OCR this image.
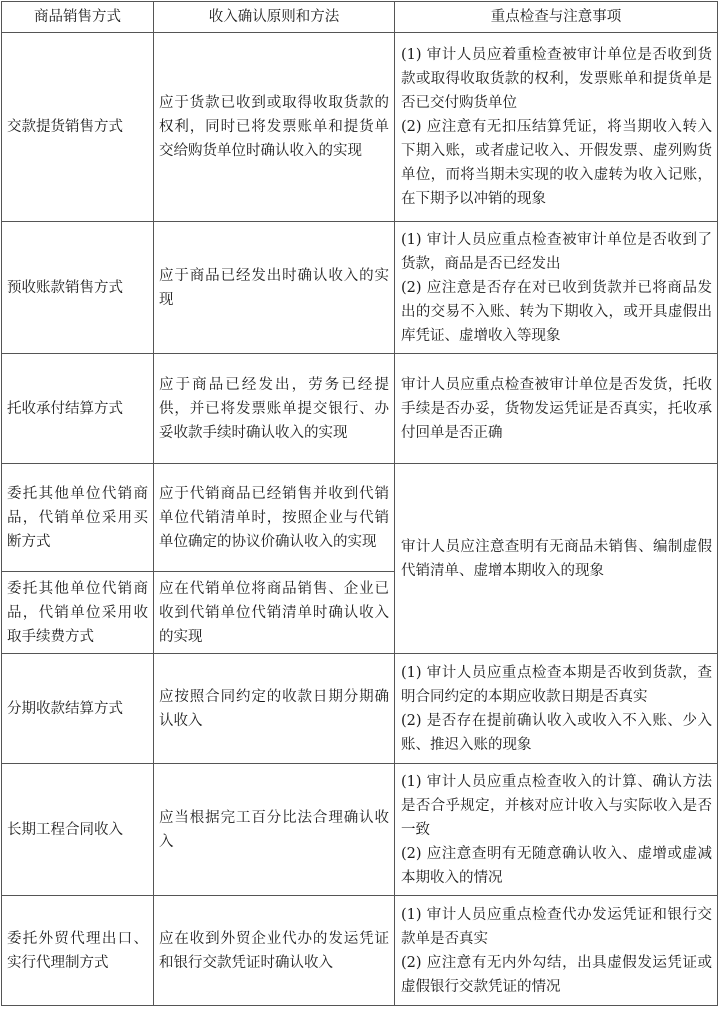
商品销售方式	收入确认原则和方法	重点检查与注意事项
交款提货销售方式	应于货款已收到或取得收取货款的权利，同时已将发票账单和提货单交给购货单位时确认收入的实现	(1) 审计人员应着重检查被审计单位是否收到货款或取得收取货款的权利，发票账单和提货单是否已交付购货单位
(2) 应注意有无扣压结算凭证，将当期收入转入下期入账，或者虚记收入、开假发票、虚列购货单位，而将当期未实现的收入虚转为收入记账，在下期予以冲销的现象

预收账款销售方式	应于商品已经发出时确认收入的实现	(1) 审计人员应重点检查被审计单位是否收到了货款，商品是否已经发出
(2) 应注意是否存在对已收到货款并已将商品发出的交易不入账、转为下期收入，或开具虚假出库凭证、虚增收入等现象

托收承付结算方式	应于商品已经发出，劳务已经提供，并已将发票账单提交银行、办妥收款手续时确认收入的实现	审计人员应重点检查被审计单位是否发货，托收手续是否办妥，货物发运凭证是否真实，托收承付回单是否正确

委托其他单位代销商品，代销单位采用买断方式	应于代销商品已经销售并收到代销单位代销清单时，按照企业与代销单位确定的协议价确认收入的实现	审计人员应注意查明有无商品未销售、编制虚假代销清单、虚增本期收入的现象
委托其他单位代销商品，代销单位采用收取手续费方式	应在代销单位将商品销售、企业已收到代销单位代销清单时确认收入的实现	
分期收款结算方式	应按照合同约定的收款日期分期确认收入	(1) 审计人员应重点检查本期是否收到货款，查明合同约定的本期应收款日期是否真实
(2) 是否存在提前确认收入或收入不入账、少入账、推迟入账的现象

长期工程合同收入	应当根据完工百分比法合理确认收入	(1) 审计人员应重点检查收入的计算、确认方法是否合乎规定，并核对应计收入与实际收入是否一致
(2) 应注意查明有无随意确认收入、虚增或虚减本期收入的情况

委托外贸代理出口、实行代理制方式	应在收到外贸企业代办的发运凭证和银行交款凭证时确认收入	(1) 审计人员应重点检查代办发运凭证和银行交款单是否真实
(2) 应注意有无内外勾结，出具虚假发运凭证或虚假银行交款凭证的情况
